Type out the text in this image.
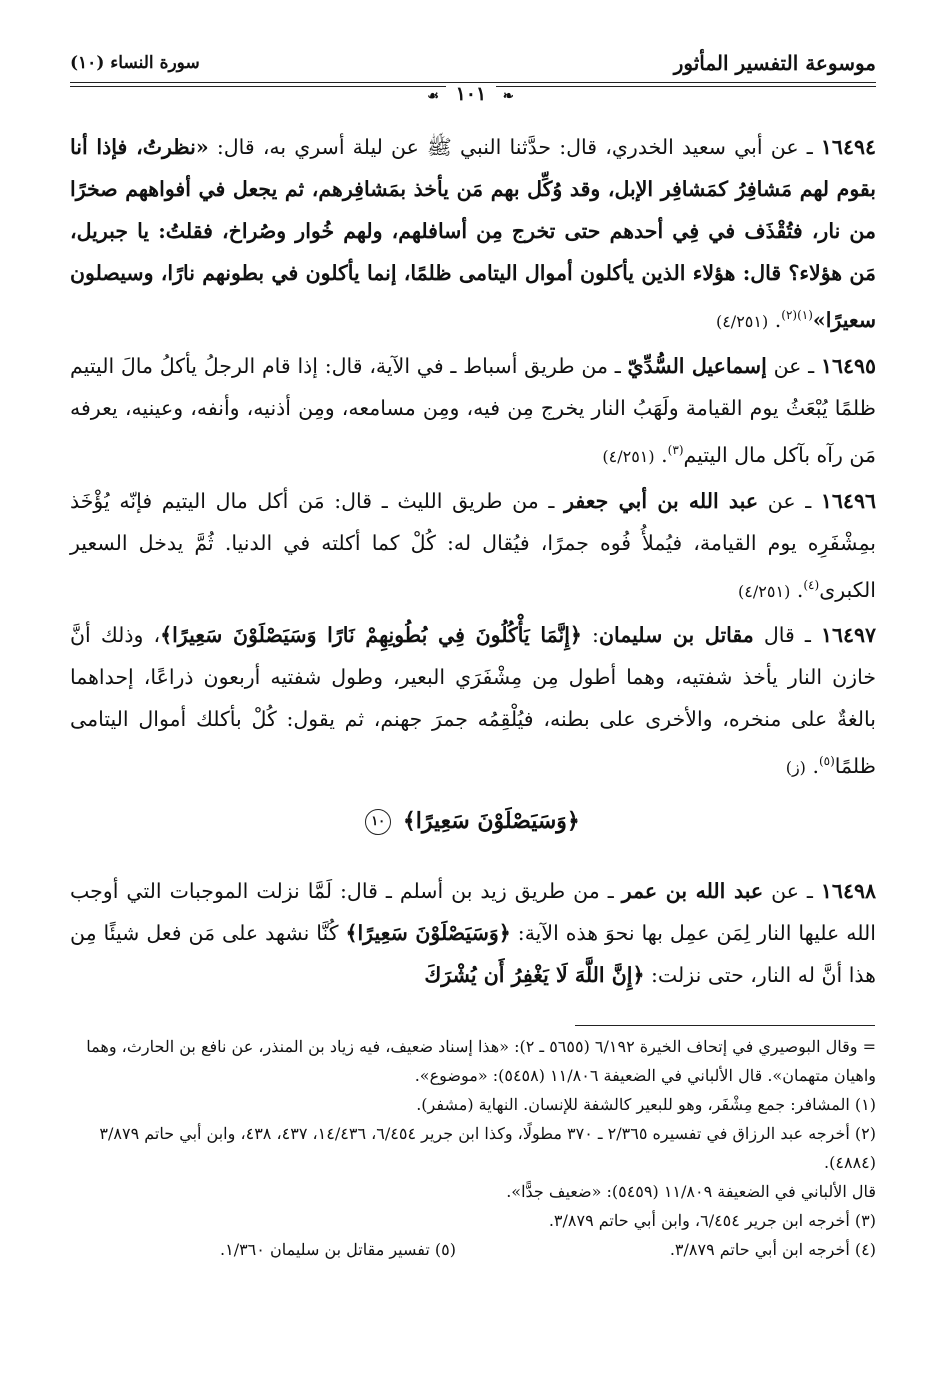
موسوعة التفسير المأثور
سورة النساء (١٠)
❧ ١٠١ ☙

١٦٤٩٤ ـ عن أبي سعيد الخدري، قال: حدَّثنا النبي ﷺ عن ليلة أسري به، قال: «نظرتُ، فإذا أنا بقوم لهم مَشافِرُ كمَشافِر الإبل، وقد وُكِّل بهم مَن يأخذ بمَشافِرهم، ثم يجعل في أفواههم صخرًا من نار، فتُقْذَف في فِي أحدهم حتى تخرج مِن أسافلهم، ولهم خُوار وصُراخ، فقلتُ: يا جبريل، مَن هؤلاء؟ قال: هؤلاء الذين يأكلون أموال اليتامى ظلمًا، إنما يأكلون في بطونهم نارًا، وسيصلون سعيرًا»$^{(١)(٢)}$. (٤/٢٥١)

١٦٤٩٥ ـ عن إسماعيل السُّدِّيّ ـ من طريق أسباط ـ في الآية، قال: إذا قام الرجلُ يأكلُ مالَ اليتيم ظلمًا يُبْعَثُ يوم القيامة ولَهَبُ النار يخرج مِن فيه، ومِن مسامعه، ومِن أذنيه، وأنفه، وعينيه، يعرفه مَن رآه بآكل مال اليتيم$^{(٣)}$. (٤/٢٥١)

١٦٤٩٦ ـ عن عبد الله بن أبي جعفر ـ من طريق الليث ـ قال: مَن أكل مال اليتيم فإنّه يُؤْخَذ بمِشْفَرِه يوم القيامة، فيُملأُ فُوه جمرًا، فيُقال له: كُلْ كما أكلته في الدنيا. ثُمَّ يدخل السعير الكبرى$^{(٤)}$. (٤/٢٥١)

١٦٤٩٧ ـ قال مقاتل بن سليمان: ﴿إِنَّمَا يَأْكُلُونَ فِي بُطُونِهِمْ نَارًا وَسَيَصْلَوْنَ سَعِيرًا﴾، وذلك أنَّ خازن النار يأخذ شفتيه، وهما أطول مِن مِشْفَرَي البعير، وطول شفتيه أربعون ذراعًا، إحداهما بالغةٌ على منخره، والأخرى على بطنه، فيُلْقِمُه جمرَ جهنم، ثم يقول: كُلْ بأكلك أموال اليتامى ظلمًا$^{(٥)}$. (ز)

﴿وَسَيَصْلَوْنَ سَعِيرًا﴾ ١٠

١٦٤٩٨ ـ عن عبد الله بن عمر ـ من طريق زيد بن أسلم ـ قال: لَمَّا نزلت الموجبات التي أوجب الله عليها النار لِمَن عمِل بها نحوَ هذه الآية: ﴿وَسَيَصْلَوْنَ سَعِيرًا﴾ كُنَّا نشهد على مَن فعل شيئًا مِن هذا أنَّ له النار، حتى نزلت: ﴿إِنَّ اللَّهَ لَا يَغْفِرُ أَن يُشْرَكَ

= وقال البوصيري في إتحاف الخيرة ٦/١٩٢ (٥٦٥٥ ـ ٢): «هذا إسناد ضعيف، فيه زياد بن المنذر، عن نافع بن الحارث، وهما واهيان متهمان». قال الألباني في الضعيفة ١١/٨٠٦ (٥٤٥٨): «موضوع».

(١) المشافر: جمع مِشْفَر، وهو للبعير كالشفة للإنسان. النهاية (مشفر).

(٢) أخرجه عبد الرزاق في تفسيره ٢/٣٦٥ ـ ٣٧٠ مطولًا، وكذا ابن جرير ٦/٤٥٤، ١٤/٤٣٦، ٤٣٧، ٤٣٨، وابن أبي حاتم ٣/٨٧٩ (٤٨٨٤).

قال الألباني في الضعيفة ١١/٨٠٩ (٥٤٥٩): «ضعيف جدًّا».

(٣) أخرجه ابن جرير ٦/٤٥٤، وابن أبي حاتم ٣/٨٧٩.

(٤) أخرجه ابن أبي حاتم ٣/٨٧٩.
(٥) تفسير مقاتل بن سليمان ١/٣٦٠.
